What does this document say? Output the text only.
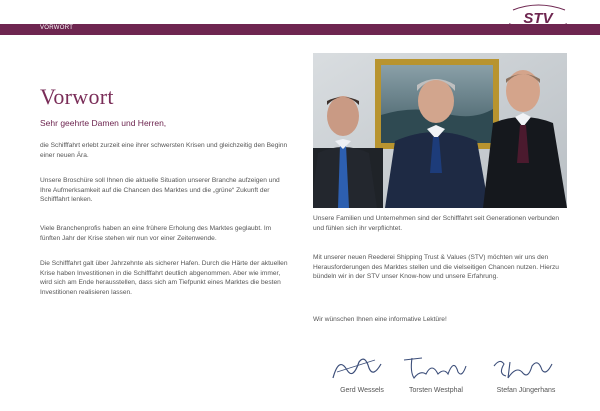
VORWORT
STV
Vorwort
Sehr geehrte Damen und Herren,

die Schifffahrt erlebt zurzeit eine ihrer schwersten Krisen und gleichzeitig den Beginn einer neuen Ära.

Unsere Broschüre soll Ihnen die aktuelle Situation unserer Branche aufzeigen und Ihre Aufmerksamkeit auf die Chancen des Marktes und die „grüne“ Zukunft der Schifffahrt lenken.

Viele Branchenprofis haben an eine frühere Erholung des Marktes geglaubt. Im fünften Jahr der Krise stehen wir nun vor einer Zeitenwende.

Die Schifffahrt galt über Jahrzehnte als sicherer Hafen. Durch die Härte der aktuellen Krise haben Investitionen in die Schifffahrt deutlich abgenommen. Aber wie immer, wird sich am Ende herausstellen, dass sich am Tiefpunkt eines Marktes die besten Investitionen realisieren lassen.

Unsere Familien und Unternehmen sind der Schifffahrt seit Generationen verbunden und fühlen sich ihr verpflichtet.

Mit unserer neuen Reederei Shipping Trust & Values (STV) möchten wir uns den Herausforderungen des Marktes stellen und die vielseitigen Chancen nutzen. Hierzu bündeln wir in der STV unser Know-how und unsere Erfahrung.

Wir wünschen Ihnen eine informative Lektüre!

Gerd Wessels	Torsten Westphal	Stefan Jüngerhans
